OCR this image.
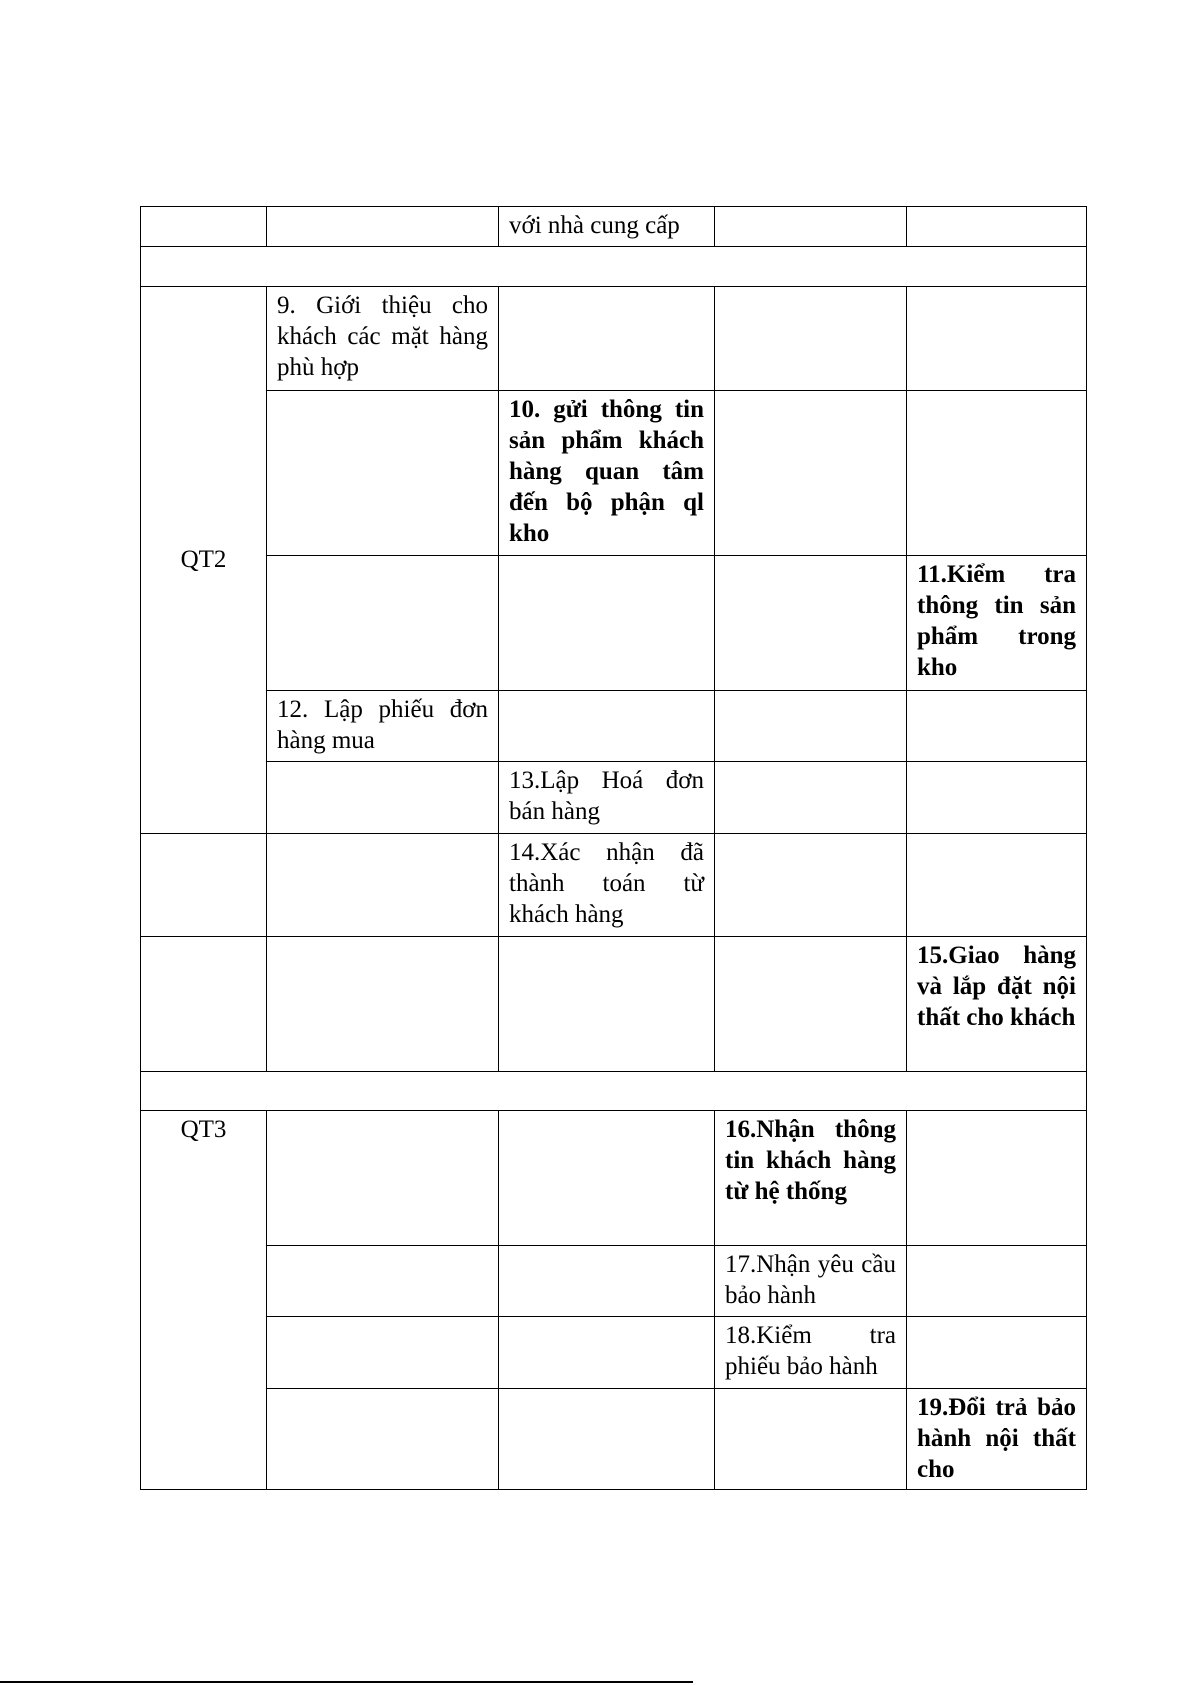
		với nhà cung cấp		

QT2	9. Giới thiệu cho khách các mặt hàng phù hợp			
		10. gửi thông tin sản phẩm khách hàng quan tâm đến bộ phận ql kho		
				11.Kiểm tra thông tin sản phẩm trong kho
	12. Lập phiếu đơn hàng mua			
		13.Lập Hoá đơn bán hàng		
		14.Xác nhận đã thành toán từ khách hàng		
				15.Giao hàng và lắp đặt nội thất cho khách

QT3			16.Nhận thông tin khách hàng từ hệ thống	
			17.Nhận yêu cầu bảo hành	
			18.Kiểm tra phiếu bảo hành	
				19.Đổi trả bảo hành nội thất cho
